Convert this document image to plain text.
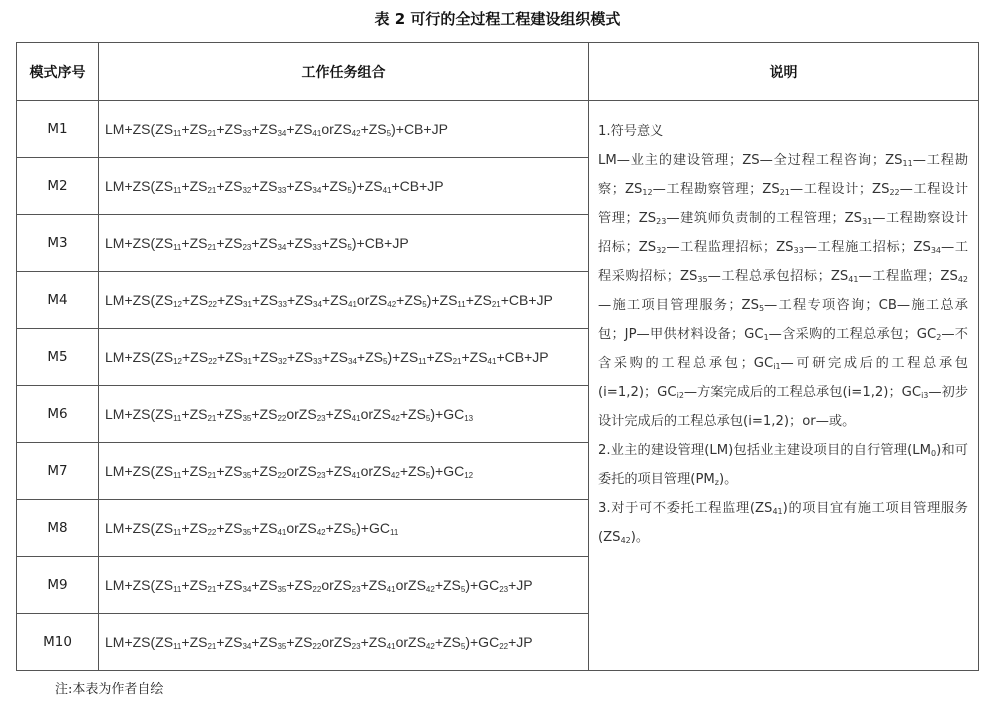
表 2 可行的全过程工程建设组织模式
模式序号	工作任务组合	说明
M1	$LM+ZS(ZS_{11}+ZS_{21}+ZS_{33}+ZS_{34}+ZS_{41}orZS_{42}+ZS_5)+CB+JP$	1.符号意义

LM—业主的建设管理；ZS—全过程工程咨询；$ZS_{11}—$工程勘察；$ZS_{12}—$工程勘察管理；$ZS_{21}—$工程设计；$ZS_{22}—$工程设计管理；$ZS_{23}—$建筑师负责制的工程管理；$ZS_{31}—$工程勘察设计招标；$ZS_{32}—$工程监理招标；$ZS_{33}—$工程施工招标；$ZS_{34}—$工程采购招标；$ZS_{35}—$工程总承包招标；$ZS_{41}—$工程监理；$ZS_{42}—$施工项目管理服务；$ZS_5—$工程专项咨询；CB—施工总承包；JP—甲供材料设备；$GC_1—$含采购的工程总承包；$GC_2—$不含采购的工程总承包；$GC_{i1}—$可研完成后的工程总承包(i=1,2)；$GC_{i2}—$方案完成后的工程总承包(i=1,2)；$GC_{i3}—$初步设计完成后的工程总承包(i=1,2)；or—或。

2.业主的建设管理(LM)包括业主建设项目的自行管理$(LM_0)$和可委托的项目管理$(PM_z)$。

3.对于可不委托工程监理$(ZS_{41})$的项目宜有施工项目管理服务$(ZS_{42})$。

M2	$LM+ZS(ZS_{11}+ZS_{21}+ZS_{32}+ZS_{33}+ZS_{34}+ZS_5)+ZS_{41}+CB+JP$	
M3	$LM+ZS(ZS_{11}+ZS_{21}+ZS_{23}+ZS_{34}+ZS_{33}+ZS_5)+CB+JP$	
M4	$LM+ZS(ZS_{12}+ZS_{22}+ZS_{31}+ZS_{33}+ZS_{34}+ZS_{41}orZS_{42}+ZS_5)+ZS_{11}+ZS_{21}+CB+JP$	
M5	$LM+ZS(ZS_{12}+ZS_{22}+ZS_{31}+ZS_{32}+ZS_{33}+ZS_{34}+ZS_5)+ZS_{11}+ZS_{21}+ZS_{41}+CB+JP$	
M6	$LM+ZS(ZS_{11}+ZS_{21}+ZS_{35}+ZS_{22}orZS_{23}+ZS_{41}orZS_{42}+ZS_5)+GC_{13}$
M7	$LM+ZS(ZS_{11}+ZS_{21}+ZS_{35}+ZS_{22}orZS_{23}+ZS_{41}orZS_{42}+ZS_5)+GC_{12}$
M8	$LM+ZS(ZS_{11}+ZS_{22}+ZS_{35}+ZS_{41}orZS_{42}+ZS_5)+GC_{11}$
M9	$LM+ZS(ZS_{11}+ZS_{21}+ZS_{34}+ZS_{35}+ZS_{22}orZS_{23}+ZS_{41}orZS_{42}+ZS_5)+GC_{23}+JP$	
M10	$LM+ZS(ZS_{11}+ZS_{21}+ZS_{34}+ZS_{35}+ZS_{22}orZS_{23}+ZS_{41}orZS_{42}+ZS_5)+GC_{22}+JP$	
注:本表为作者自绘
